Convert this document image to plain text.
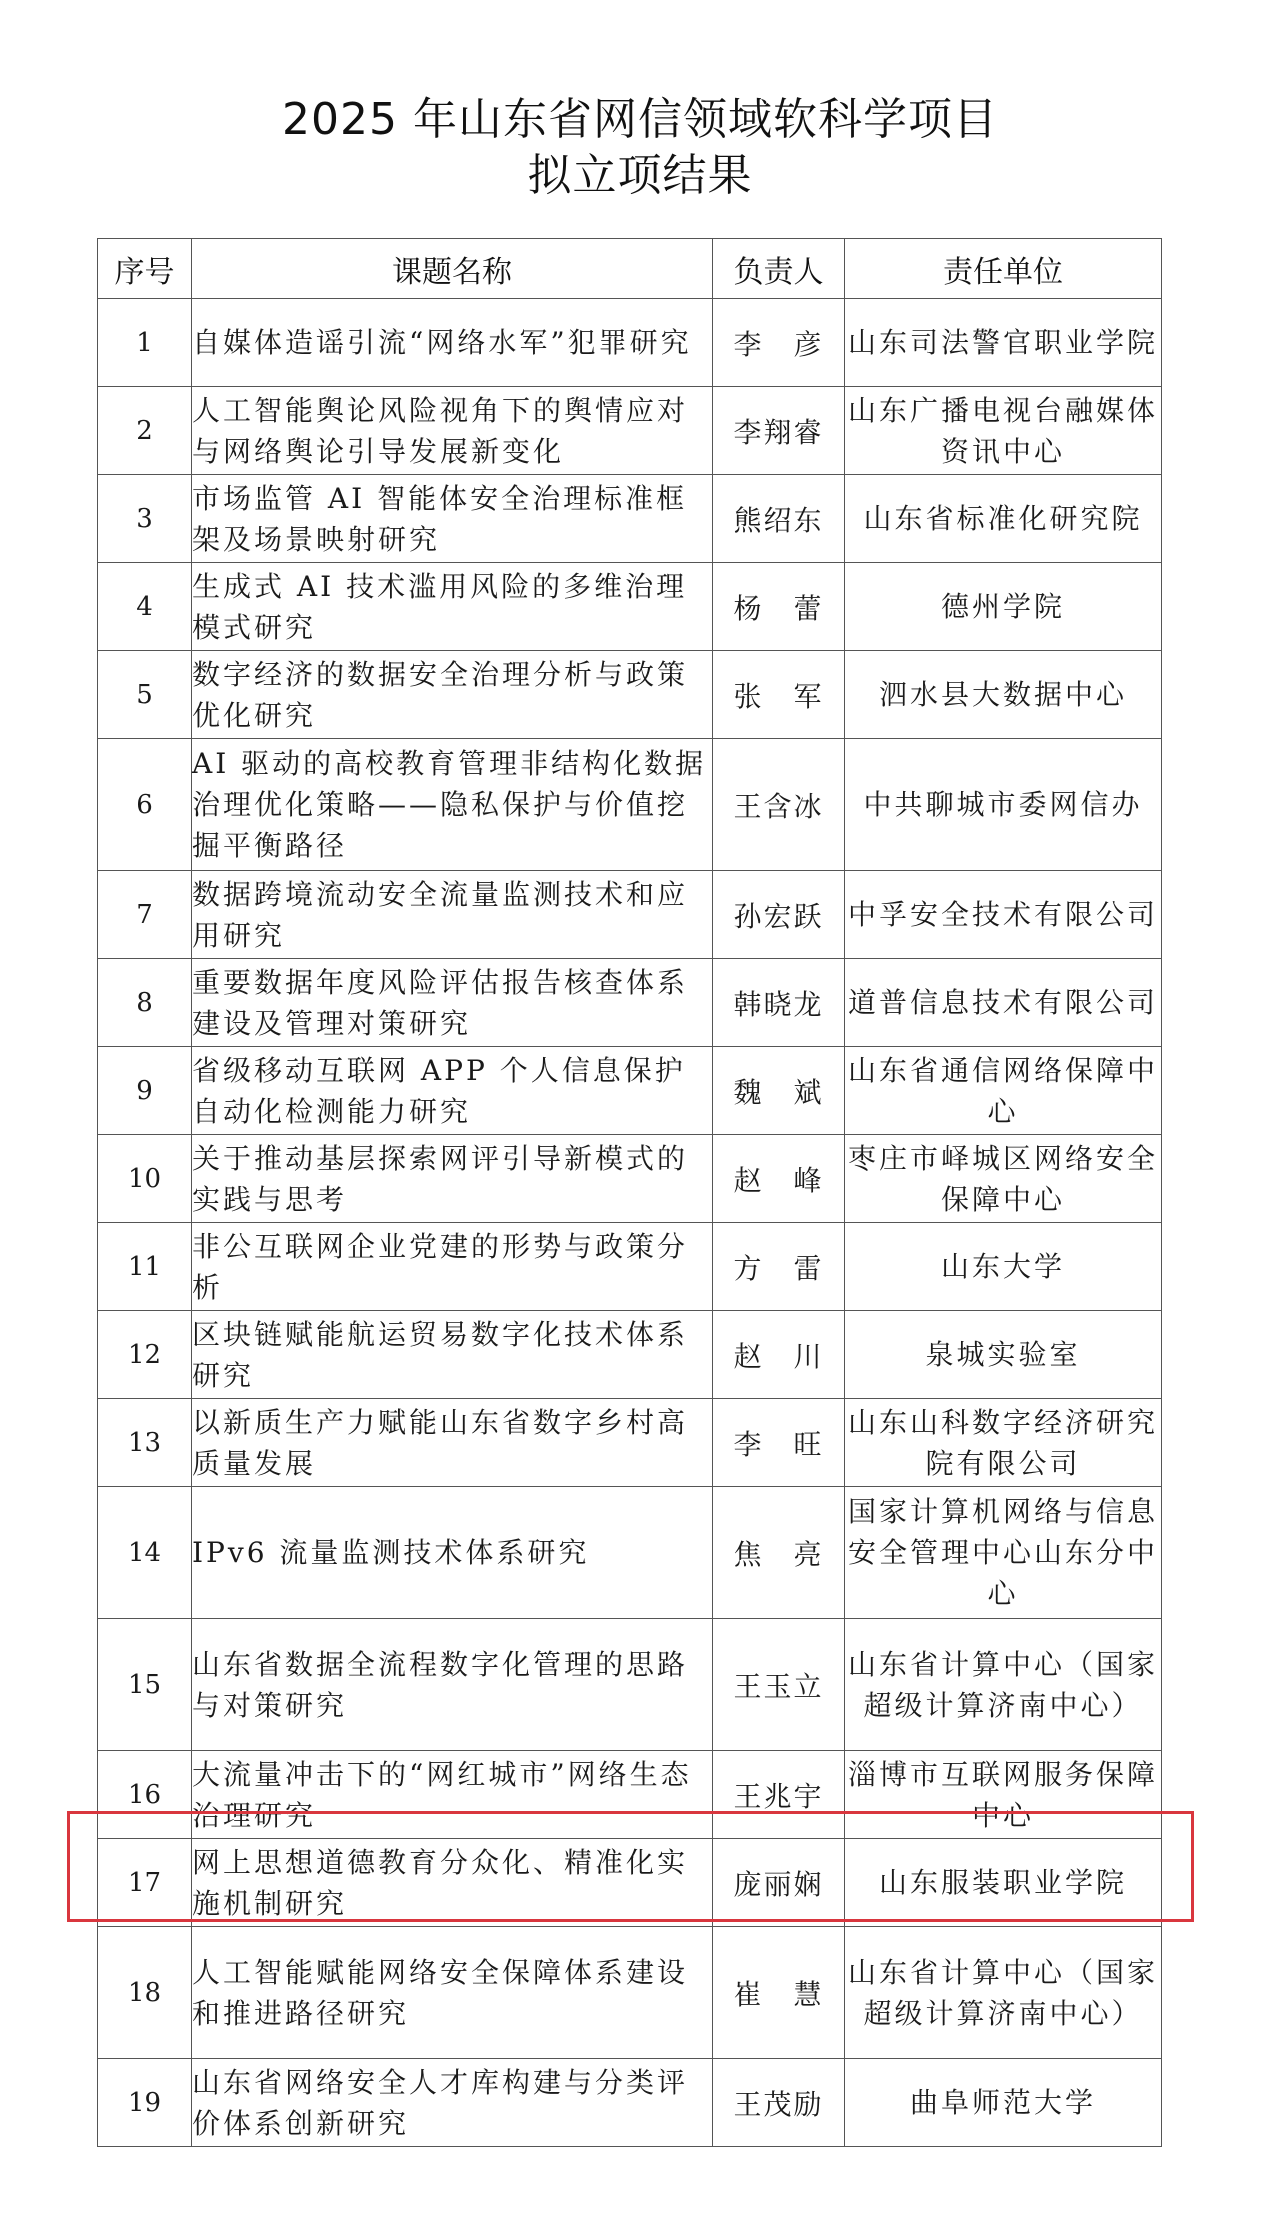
2025 年山东省网信领域软科学项目
拟立项结果
序号	课题名称	负责人	责任单位
1	自媒体造谣引流“网络水军”犯罪研究	李　彦	山东司法警官职业学院
2	人工智能舆论风险视角下的舆情应对与网络舆论引导发展新变化	李翔睿	山东广播电视台融媒体资讯中心
3	市场监管 AI 智能体安全治理标准框架及场景映射研究	熊绍东	山东省标准化研究院
4	生成式 AI 技术滥用风险的多维治理模式研究	杨　蕾	德州学院
5	数字经济的数据安全治理分析与政策优化研究	张　军	泗水县大数据中心
6	AI 驱动的高校教育管理非结构化数据治理优化策略——隐私保护与价值挖掘平衡路径	王含冰	中共聊城市委网信办
7	数据跨境流动安全流量监测技术和应用研究	孙宏跃	中孚安全技术有限公司
8	重要数据年度风险评估报告核查体系建设及管理对策研究	韩晓龙	道普信息技术有限公司
9	省级移动互联网 APP 个人信息保护自动化检测能力研究	魏　斌	山东省通信网络保障中心
10	关于推动基层探索网评引导新模式的实践与思考	赵　峰	枣庄市峄城区网络安全保障中心
11	非公互联网企业党建的形势与政策分析	方　雷	山东大学
12	区块链赋能航运贸易数字化技术体系研究	赵　川	泉城实验室
13	以新质生产力赋能山东省数字乡村高质量发展	李　旺	山东山科数字经济研究院有限公司
14	IPv6 流量监测技术体系研究	焦　亮	国家计算机网络与信息安全管理中心山东分中心
15	山东省数据全流程数字化管理的思路与对策研究	王玉立	山东省计算中心（国家超级计算济南中心）
16	大流量冲击下的“网红城市”网络生态治理研究	王兆宇	淄博市互联网服务保障中心
17	网上思想道德教育分众化、精准化实施机制研究	庞丽娴	山东服装职业学院
18	人工智能赋能网络安全保障体系建设和推进路径研究	崔　慧	山东省计算中心（国家超级计算济南中心）
19	山东省网络安全人才库构建与分类评价体系创新研究	王茂励	曲阜师范大学
